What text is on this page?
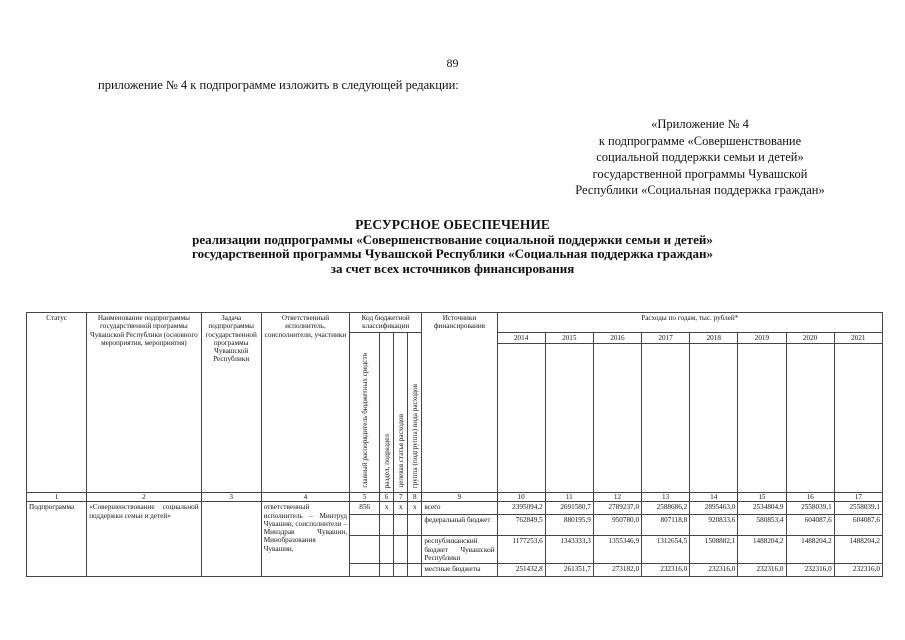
89
приложение № 4 к подпрограмме изложить в следующей редакции:
«Приложение № 4
к подпрограмме «Совершенствование
социальной поддержки семьи и детей»
государственной программы Чувашской
Республики «Социальная поддержка граждан»
РЕСУРСНОЕ ОБЕСПЕЧЕНИЕ
реализации подпрограммы «Совершенствование социальной поддержки семьи и детей»
государственной программы Чувашской Республики «Социальная поддержка граждан»
за счет всех источников финансирования
Статус	Наименование подпрограммы государственной программы Чувашской Республики (основного мероприятия, мероприятия)	Задача подпрограммы государственной программы Чувашской Республики	Ответственный исполнитель, соисполнители, участники	Код бюджетной классификации				Источники финансирования	Расходы по годам, тыс. рублей*							
				главный распорядитель бюджетных средств	раздел, подраздел	целевая статья расходов	группа (подгруппа) вида расходов		2014	2015	2016	2017	2018	2019	2020	2021

1	2	3	4	5	6	7	8	9	10	11	12	13	14	15	16	17
Подпрограмма	«Совершенствование социальной поддержки семьи и детей»		ответственный исполнитель – Минтруд Чувашии, соисполнители – Минздрав Чувашии, Минобразования Чувашии,	856	x	x	x	всего	2395094,2	2691580,7	2789237,0	2588686,2	2895463,0	2534804,9	2558039,1	2558039,1
								федеральный бюджет	762849,5	880195,9	950780,0	807118,8	920833,6	580853,4	604087,6	604087,6
								республиканский бюджет Чувашской Республики	1177253,6	1343333,3	1355346,9	1312654,5	1508882,1	1488204,2	1488204,2	1488204,2
								местные бюджеты	251432,8	261351,7	273182,0	232316,0	232316,0	232316,0	232316,0	232316,0
